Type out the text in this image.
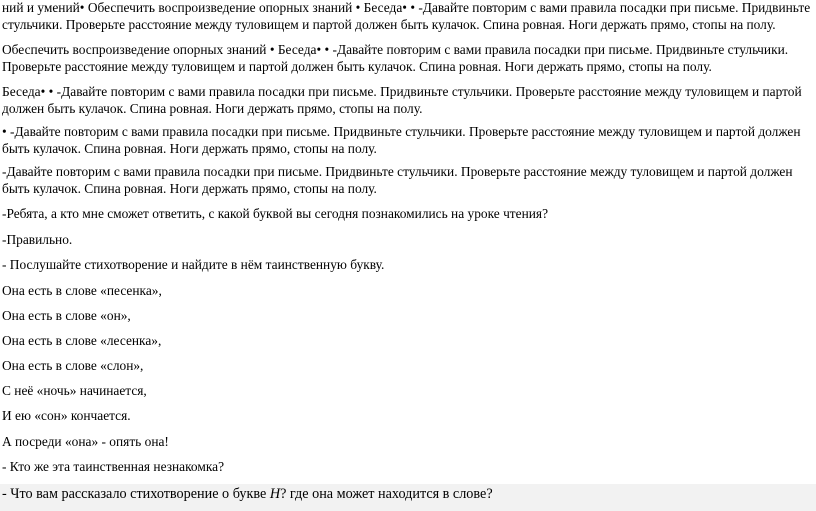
ний и умений• Обеспечить воспроизведение опорных знаний • Беседа• • -Давайте повторим с вами правила посадки при письме. Придвиньте стульчики. Проверьте расстояние между туловищем и партой должен быть кулачок. Спина ровная. Ноги держать прямо, стопы на полу.

Обеспечить воспроизведение опорных знаний • Беседа• • -Давайте повторим с вами правила посадки при письме. Придвиньте стульчики. Проверьте расстояние между туловищем и партой должен быть кулачок. Спина ровная. Ноги держать прямо, стопы на полу.

Беседа• • -Давайте повторим с вами правила посадки при письме. Придвиньте стульчики. Проверьте расстояние между туловищем и партой должен быть кулачок. Спина ровная. Ноги держать прямо, стопы на полу.

• -Давайте повторим с вами правила посадки при письме. Придвиньте стульчики. Проверьте расстояние между туловищем и партой должен быть кулачок. Спина ровная. Ноги держать прямо, стопы на полу.

-Давайте повторим с вами правила посадки при письме. Придвиньте стульчики. Проверьте расстояние между туловищем и партой должен быть кулачок. Спина ровная. Ноги держать прямо, стопы на полу.

-Ребята, а кто мне сможет ответить, с какой буквой вы сегодня познакомились на уроке чтения?

-Правильно.

- Послушайте стихотворение и найдите в нём таинственную букву.

Она есть в слове «песенка»,

Она есть в слове «он»,

Она есть в слове «лесенка»,

Она есть в слове «слон»,

С неё «ночь» начинается,

И ею «сон» кончается.

А посреди «она» - опять она!

- Кто же эта таинственная незнакомка?

- Что вам рассказало стихотворение о букве Н? где она может находится в слове?
